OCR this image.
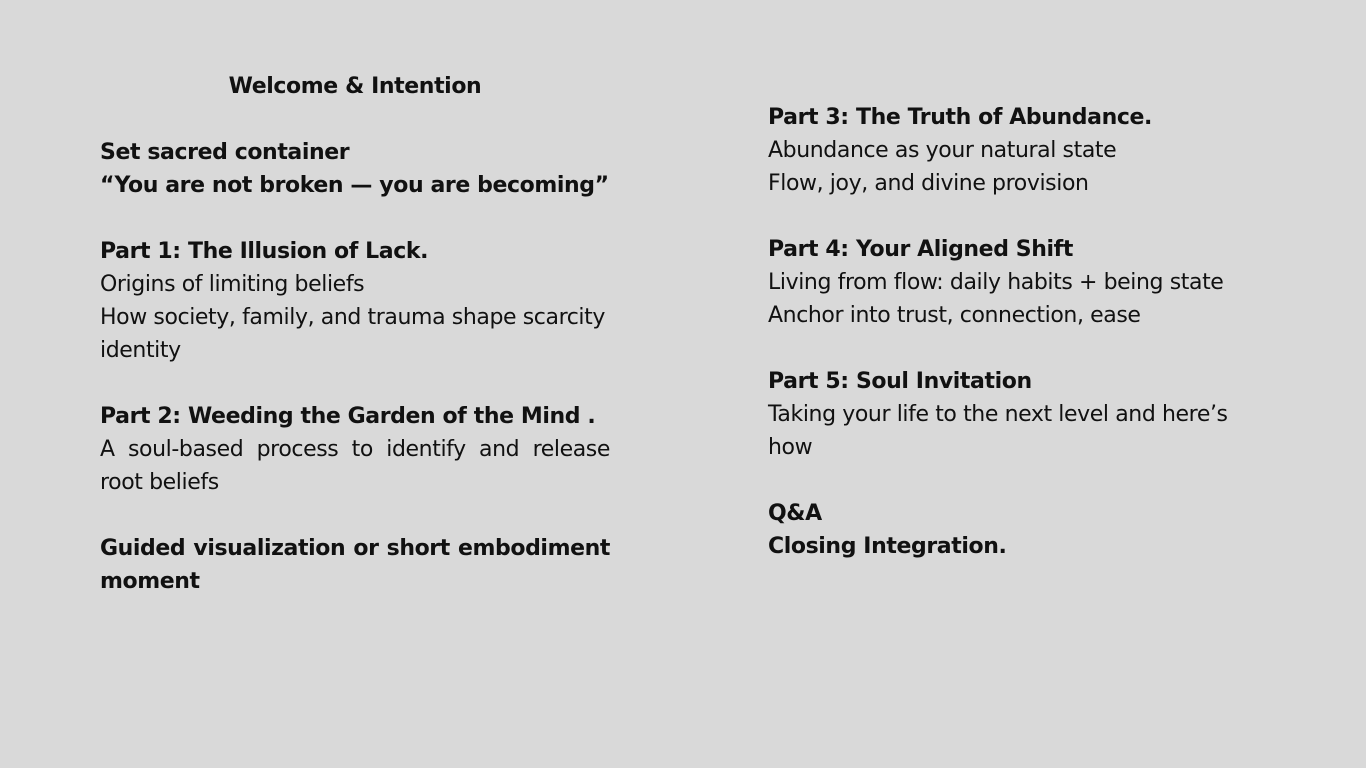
Welcome & Intention
Set sacred container
“You are not broken — you are becoming”
Part 1: The Illusion of Lack.
Origins of limiting beliefs
How society, family, and trauma shape scarcity identity
Part 2: Weeding the Garden of the Mind .
A soul-based process to identify and release root beliefs
Guided visualization or short embodiment moment
Part 3: The Truth of Abundance.
Abundance as your natural state
Flow, joy, and divine provision
Part 4: Your Aligned Shift
Living from flow: daily habits + being state
Anchor into trust, connection, ease
Part 5: Soul Invitation
Taking your life to the next level and here’s how
Q&A
Closing Integration.
